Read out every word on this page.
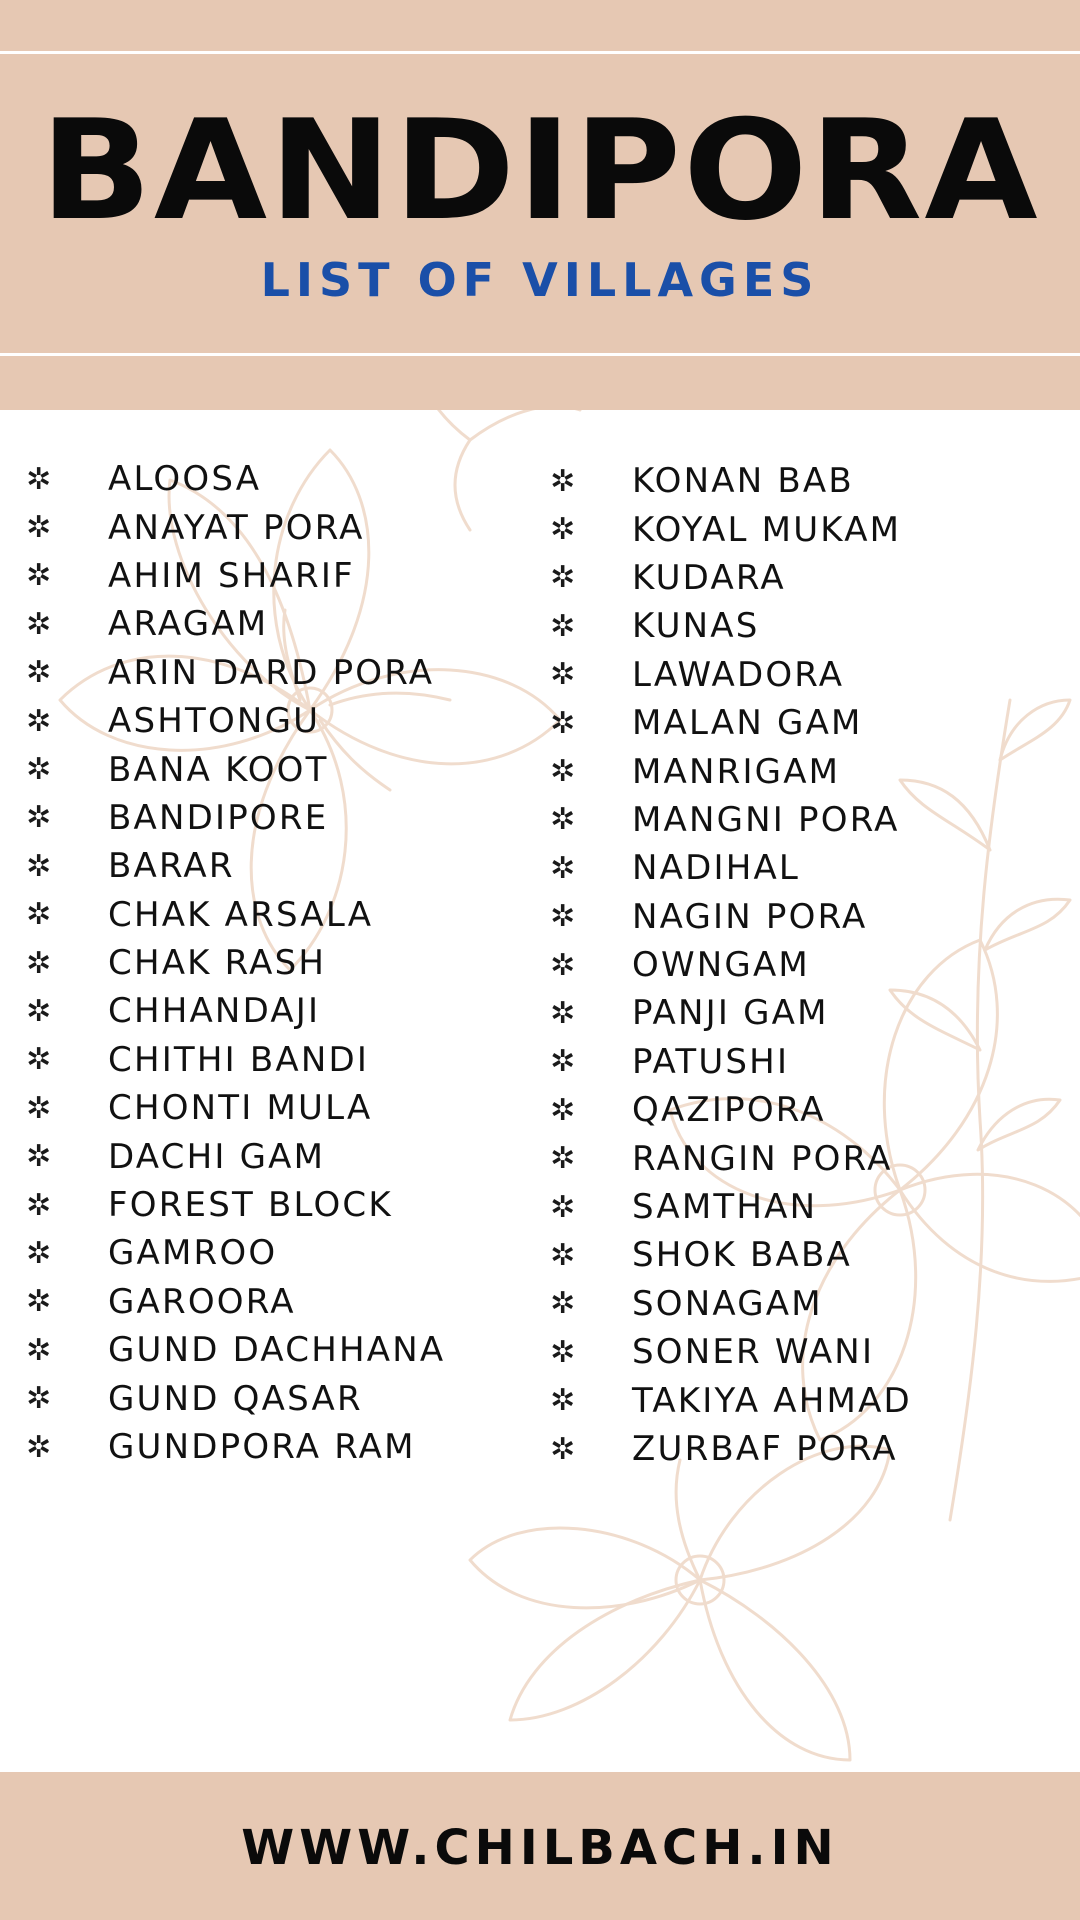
BANDIPORA
LIST OF VILLAGES
✲	ALOOSA
✲	ANAYAT PORA
✲	AHIM SHARIF
✲	ARAGAM
✲	ARIN DARD PORA
✲	ASHTONGU
✲	BANA KOOT
✲	BANDIPORE
✲	BARAR
✲	CHAK ARSALA
✲	CHAK RASH
✲	CHHANDAJI
✲	CHITHI BANDI
✲	CHONTI MULA
✲	DACHI GAM
✲	FOREST BLOCK
✲	GAMROO
✲	GAROORA
✲	GUND DACHHANA
✲	GUND QASAR
✲	GUNDPORA RAM
✲	KONAN BAB
✲	KOYAL MUKAM
✲	KUDARA
✲	KUNAS
✲	LAWADORA
✲	MALAN GAM
✲	MANRIGAM
✲	MANGNI PORA
✲	NADIHAL
✲	NAGIN PORA
✲	OWNGAM
✲	PANJI GAM
✲	PATUSHI
✲	QAZIPORA
✲	RANGIN PORA
✲	SAMTHAN
✲	SHOK BABA
✲	SONAGAM
✲	SONER WANI
✲	TAKIYA AHMAD
✲	ZURBAF PORA
WWW.CHILBACH.IN
